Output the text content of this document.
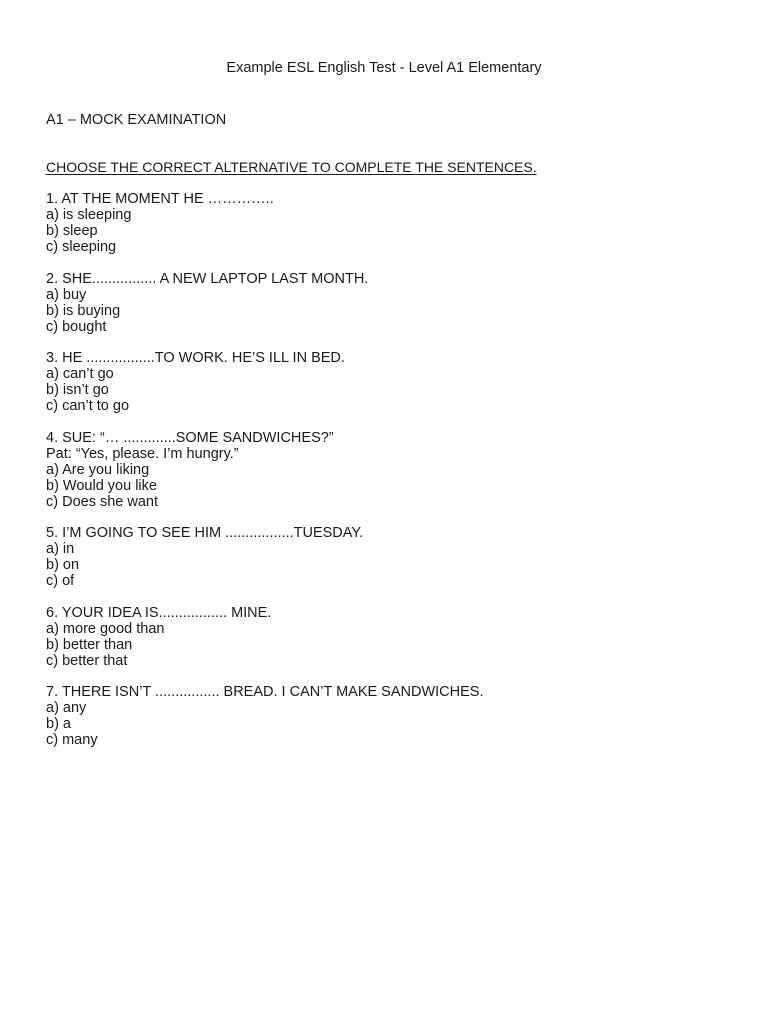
Example ESL English Test - Level A1 Elementary
A1 – MOCK EXAMINATION
CHOOSE THE CORRECT ALTERNATIVE TO COMPLETE THE SENTENCES.
1. AT THE MOMENT HE …………..
a) is sleeping
b) sleep
c) sleeping
2. SHE................ A NEW LAPTOP LAST MONTH.
a) buy
b) is buying
c) bought
3. HE .................TO WORK. HE’S ILL IN BED.
a) can’t go
b) isn’t go
c) can’t to go
4. SUE: “… .............SOME SANDWICHES?”
Pat: “Yes, please. I’m hungry.”
a) Are you liking
b) Would you like
c) Does she want
5. I’M GOING TO SEE HIM .................TUESDAY.
a) in
b) on
c) of
6. YOUR IDEA IS................. MINE.
a) more good than
b) better than
c) better that
7. THERE ISN’T ................ BREAD. I CAN’T MAKE SANDWICHES.
a) any
b) a
c) many
